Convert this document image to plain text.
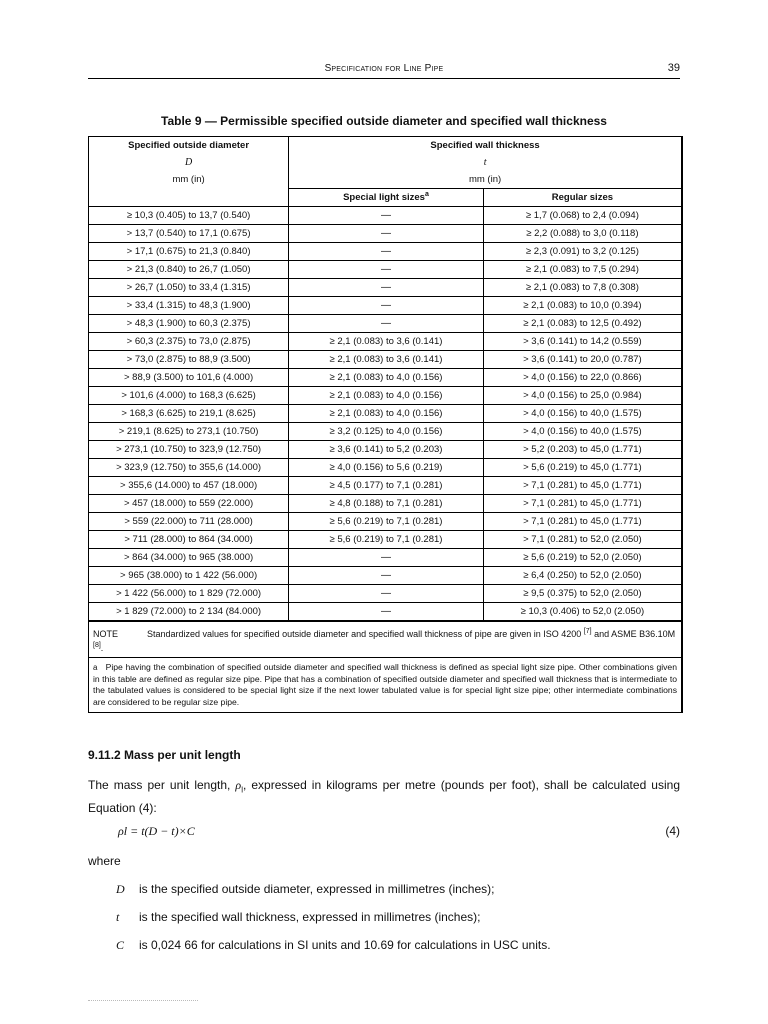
Specification for Line Pipe	39
Table 9 — Permissible specified outside diameter and specified wall thickness
Specified outside diameter	Specified wall thickness	
D	t	
mm (in)	mm (in)	
	Special light sizes$^a$	Regular sizes
≥ 10,3 (0.405) to 13,7 (0.540)	—	≥ 1,7 (0.068) to 2,4 (0.094)
> 13,7 (0.540) to 17,1 (0.675)	—	≥ 2,2 (0.088) to 3,0 (0.118)
> 17,1 (0.675) to 21,3 (0.840)	—	≥ 2,3 (0.091) to 3,2 (0.125)
> 21,3 (0.840) to 26,7 (1.050)	—	≥ 2,1 (0.083) to 7,5 (0.294)
> 26,7 (1.050) to 33,4 (1.315)	—	≥ 2,1 (0.083) to 7,8 (0.308)
> 33,4 (1.315) to 48,3 (1.900)	—	≥ 2,1 (0.083) to 10,0 (0.394)
> 48,3 (1.900) to 60,3 (2.375)	—	≥ 2,1 (0.083) to 12,5 (0.492)
> 60,3 (2.375) to 73,0 (2.875)	≥ 2,1 (0.083) to 3,6 (0.141)	> 3,6 (0.141) to 14,2 (0.559)
> 73,0 (2.875) to 88,9 (3.500)	≥ 2,1 (0.083) to 3,6 (0.141)	> 3,6 (0.141) to 20,0 (0.787)
> 88,9 (3.500) to 101,6 (4.000)	≥ 2,1 (0.083) to 4,0 (0.156)	> 4,0 (0.156) to 22,0 (0.866)
> 101,6 (4.000) to 168,3 (6.625)	≥ 2,1 (0.083) to 4,0 (0.156)	> 4,0 (0.156) to 25,0 (0.984)
> 168,3 (6.625) to 219,1 (8.625)	≥ 2,1 (0.083) to 4,0 (0.156)	> 4,0 (0.156) to 40,0 (1.575)
> 219,1 (8.625) to 273,1 (10.750)	≥ 3,2 (0.125) to 4,0 (0.156)	> 4,0 (0.156) to 40,0 (1.575)
> 273,1 (10.750) to 323,9 (12.750)	≥ 3,6 (0.141) to 5,2 (0.203)	> 5,2 (0.203) to 45,0 (1.771)
> 323,9 (12.750) to 355,6 (14.000)	≥ 4,0 (0.156) to 5,6 (0.219)	> 5,6 (0.219) to 45,0 (1.771)
> 355,6 (14.000) to 457 (18.000)	≥ 4,5 (0.177) to 7,1 (0.281)	> 7,1 (0.281) to 45,0 (1.771)
> 457 (18.000) to 559 (22.000)	≥ 4,8 (0.188) to 7,1 (0.281)	> 7,1 (0.281) to 45,0 (1.771)
> 559 (22.000) to 711 (28.000)	≥ 5,6 (0.219) to 7,1 (0.281)	> 7,1 (0.281) to 45,0 (1.771)
> 711 (28.000) to 864 (34.000)	≥ 5,6 (0.219) to 7,1 (0.281)	> 7,1 (0.281) to 52,0 (2.050)
> 864 (34.000) to 965 (38.000)	—	≥ 5,6 (0.219) to 52,0 (2.050)
> 965 (38.000) to 1 422 (56.000)	—	≥ 6,4 (0.250) to 52,0 (2.050)
> 1 422 (56.000) to 1 829 (72.000)	—	≥ 9,5 (0.375) to 52,0 (2.050)
> 1 829 (72.000) to 2 134 (84.000)	—	≥ 10,3 (0.406) to 52,0 (2.050)
NOTE	Standardized values for specified outside diameter and specified wall thickness of pipe are given in ISO 4200 [7] and ASME B36.10M [8].
a Pipe having the combination of specified outside diameter and specified wall thickness is defined as special light size pipe. Other combinations given in this table are defined as regular size pipe. Pipe that has a combination of specified outside diameter and specified wall thickness that is intermediate to the tabulated values is considered to be special light size if the next lower tabulated value is for special light size pipe; other intermediate combinations are considered to be regular size pipe.
9.11.2 Mass per unit length
The mass per unit length, $\rho_l$, expressed in kilograms per metre (pounds per foot), shall be calculated using Equation (4):
ρl = t(D − t)×C	(4)
where
D is the specified outside diameter, expressed in millimetres (inches);
t is the specified wall thickness, expressed in millimetres (inches);
C is 0,024 66 for calculations in SI units and 10.69 for calculations in USC units.
